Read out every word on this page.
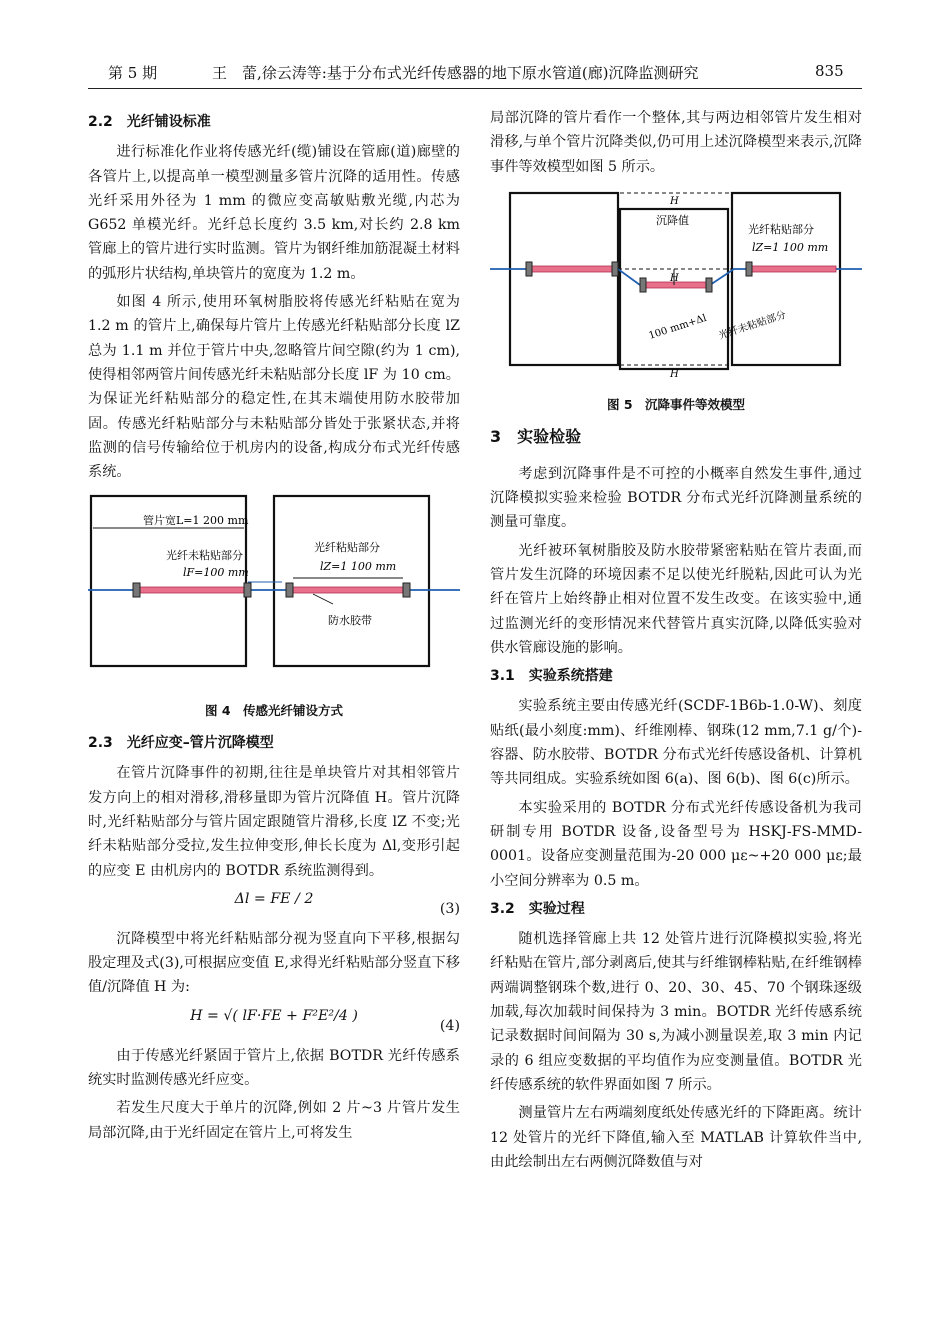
第 5 期	王　蕾,徐云涛等:基于分布式光纤传感器的地下原水管道(廊)沉降监测研究	835
2.2　光纤铺设标准

进行标准化作业将传感光纤(缆)铺设在管廊(道)廊壁的各管片上,以提高单一模型测量多管片沉降的适用性。传感光纤采用外径为 1 mm 的微应变高敏贴敷光缆,内芯为 G652 单模光纤。光纤总长度约 3.5 km,对长约 2.8 km 管廊上的管片进行实时监测。管片为钢纤维加筋混凝土材料的弧形片状结构,单块管片的宽度为 1.2 m。

如图 4 所示,使用环氧树脂胶将传感光纤粘贴在宽为 1.2 m 的管片上,确保每片管片上传感光纤粘贴部分长度 lZ 总为 1.1 m 并位于管片中央,忽略管片间空隙(约为 1 cm),使得相邻两管片间传感光纤未粘贴部分长度 lF 为 10 cm。为保证光纤粘贴部分的稳定性,在其末端使用防水胶带加固。传感光纤粘贴部分与未粘贴部分皆处于张紧状态,并将监测的信号传输给位于机房内的设备,构成分布式光纤传感系统。

管片宽L=1 200 mm
光纤未粘贴部分
lF=100 mm
光纤粘贴部分
lZ=1 100 mm
防水胶带
图 4　传感光纤铺设方式
2.3　光纤应变–管片沉降模型

在管片沉降事件的初期,往往是单块管片对其相邻管片发方向上的相对滑移,滑移量即为管片沉降值 H。管片沉降时,光纤粘贴部分与管片固定跟随管片滑移,长度 lZ 不变;光纤未粘贴部分受拉,发生拉伸变形,伸长长度为 Δl,变形引起的应变 E 由机房内的 BOTDR 系统监测得到。

Δl = FE / 2
(3)

沉降模型中将光纤粘贴部分视为竖直向下平移,根据勾股定理及式(3),可根据应变值 E,求得光纤粘贴部分竖直下移值/沉降值 H 为:

H = √( lF·FE + F²E²/4 )
(4)

由于传感光纤紧固于管片上,依据 BOTDR 光纤传感系统实时监测传感光纤应变。

若发生尺度大于单片的沉降,例如 2 片~3 片管片发生局部沉降,由于光纤固定在管片上,可将发生

局部沉降的管片看作一个整体,其与两边相邻管片发生相对滑移,与单个管片沉降类似,仍可用上述沉降模型来表示,沉降事件等效模型如图 5 所示。

H
沉降值
H
光纤粘贴部分
lZ=1 100 mm
100 mm+Δl 光纤未粘贴部分
H
图 5　沉降事件等效模型
3　实验检验

考虑到沉降事件是不可控的小概率自然发生事件,通过沉降模拟实验来检验 BOTDR 分布式光纤沉降测量系统的测量可靠度。

光纤被环氧树脂胶及防水胶带紧密粘贴在管片表面,而管片发生沉降的环境因素不足以使光纤脱粘,因此可认为光纤在管片上始终静止相对位置不发生改变。在该实验中,通过监测光纤的变形情况来代替管片真实沉降,以降低实验对供水管廊设施的影响。

3.1　实验系统搭建

实验系统主要由传感光纤(SCDF-1B6b-1.0-W)、刻度贴纸(最小刻度:mm)、纤维刚棒、钢珠(12 mm,7.1 g/个)-容器、防水胶带、BOTDR 分布式光纤传感设备机、计算机等共同组成。实验系统如图 6(a)、图 6(b)、图 6(c)所示。

本实验采用的 BOTDR 分布式光纤传感设备机为我司研制专用 BOTDR 设备,设备型号为 HSKJ-FS-MMD-0001。设备应变测量范围为-20 000 με~+20 000 με;最小空间分辨率为 0.5 m。

3.2　实验过程

随机选择管廊上共 12 处管片进行沉降模拟实验,将光纤粘贴在管片,部分剥离后,使其与纤维钢棒粘贴,在纤维钢棒两端调整钢珠个数,进行 0、20、30、45、70 个钢珠逐级加载,每次加载时间保持为 3 min。BOTDR 光纤传感系统记录数据时间间隔为 30 s,为减小测量误差,取 3 min 内记录的 6 组应变数据的平均值作为应变测量值。BOTDR 光纤传感系统的软件界面如图 7 所示。

测量管片左右两端刻度纸处传感光纤的下降距离。统计 12 处管片的光纤下降值,输入至 MATLAB 计算软件当中,由此绘制出左右两侧沉降数值与对
